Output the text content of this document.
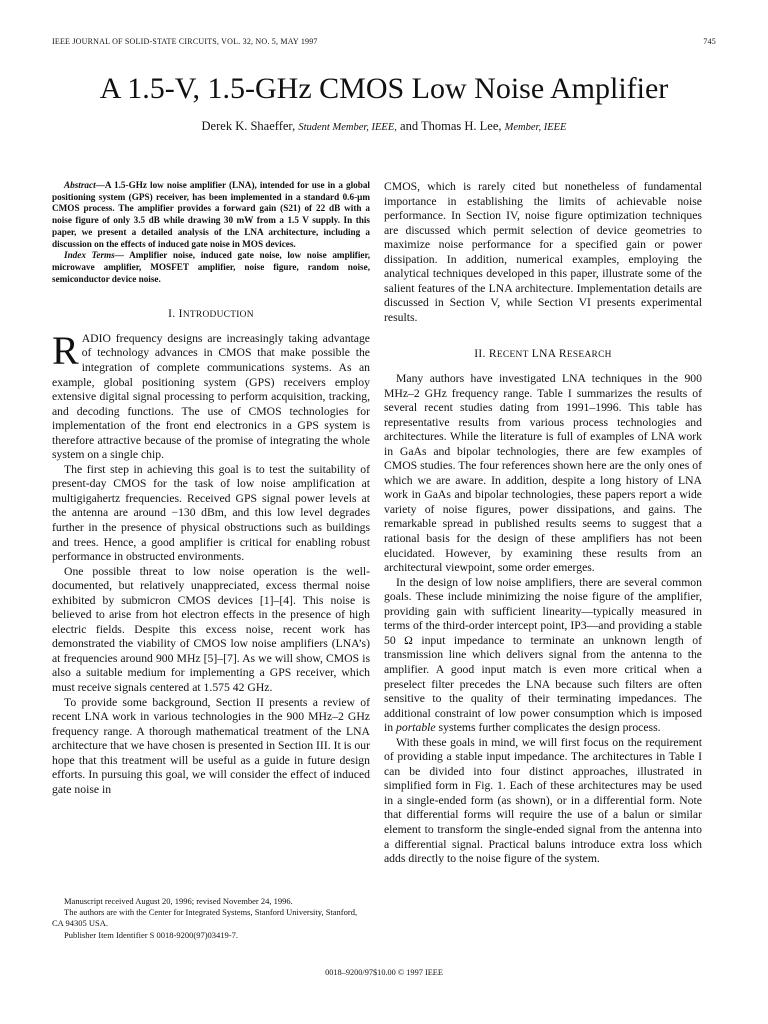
IEEE JOURNAL OF SOLID-STATE CIRCUITS, VOL. 32, NO. 5, MAY 1997	745
A 1.5-V, 1.5-GHz CMOS Low Noise Amplifier
Derek K. Shaeffer, Student Member, IEEE, and Thomas H. Lee, Member, IEEE

Abstract—A 1.5-GHz low noise amplifier (LNA), intended for use in a global positioning system (GPS) receiver, has been implemented in a standard 0.6-μm CMOS process. The amplifier provides a forward gain (S21) of 22 dB with a noise figure of only 3.5 dB while drawing 30 mW from a 1.5 V supply. In this paper, we present a detailed analysis of the LNA architecture, including a discussion on the effects of induced gate noise in MOS devices.

Index Terms— Amplifier noise, induced gate noise, low noise amplifier, microwave amplifier, MOSFET amplifier, noise figure, random noise, semiconductor device noise.

I. INTRODUCTION

RADIO frequency designs are increasingly taking advantage of technology advances in CMOS that make possible the integration of complete communications systems. As an example, global positioning system (GPS) receivers employ extensive digital signal processing to perform acquisition, tracking, and decoding functions. The use of CMOS technologies for implementation of the front end electronics in a GPS system is therefore attractive because of the promise of integrating the whole system on a single chip.

The first step in achieving this goal is to test the suitability of present-day CMOS for the task of low noise amplification at multigigahertz frequencies. Received GPS signal power levels at the antenna are around −130 dBm, and this low level degrades further in the presence of physical obstructions such as buildings and trees. Hence, a good amplifier is critical for enabling robust performance in obstructed environments.

One possible threat to low noise operation is the well-documented, but relatively unappreciated, excess thermal noise exhibited by submicron CMOS devices [1]–[4]. This noise is believed to arise from hot electron effects in the presence of high electric fields. Despite this excess noise, recent work has demonstrated the viability of CMOS low noise amplifiers (LNA’s) at frequencies around 900 MHz [5]–[7]. As we will show, CMOS is also a suitable medium for implementing a GPS receiver, which must receive signals centered at 1.575 42 GHz.

To provide some background, Section II presents a review of recent LNA work in various technologies in the 900 MHz–2 GHz frequency range. A thorough mathematical treatment of the LNA architecture that we have chosen is presented in Section III. It is our hope that this treatment will be useful as a guide in future design efforts. In pursuing this goal, we will consider the effect of induced gate noise in

Manuscript received August 20, 1996; revised November 24, 1996.

The authors are with the Center for Integrated Systems, Stanford University, Stanford, CA 94305 USA.

Publisher Item Identifier S 0018-9200(97)03419-7.

CMOS, which is rarely cited but nonetheless of fundamental importance in establishing the limits of achievable noise performance. In Section IV, noise figure optimization techniques are discussed which permit selection of device geometries to maximize noise performance for a specified gain or power dissipation. In addition, numerical examples, employing the analytical techniques developed in this paper, illustrate some of the salient features of the LNA architecture. Implementation details are discussed in Section V, while Section VI presents experimental results.

II. RECENT LNA RESEARCH

Many authors have investigated LNA techniques in the 900 MHz–2 GHz frequency range. Table I summarizes the results of several recent studies dating from 1991–1996. This table has representative results from various process technologies and architectures. While the literature is full of examples of LNA work in GaAs and bipolar technologies, there are few examples of CMOS studies. The four references shown here are the only ones of which we are aware. In addition, despite a long history of LNA work in GaAs and bipolar technologies, these papers report a wide variety of noise figures, power dissipations, and gains. The remarkable spread in published results seems to suggest that a rational basis for the design of these amplifiers has not been elucidated. However, by examining these results from an architectural viewpoint, some order emerges.

In the design of low noise amplifiers, there are several common goals. These include minimizing the noise figure of the amplifier, providing gain with sufficient linearity—typically measured in terms of the third-order intercept point, IP3—and providing a stable 50 Ω input impedance to terminate an unknown length of transmission line which delivers signal from the antenna to the amplifier. A good input match is even more critical when a preselect filter precedes the LNA because such filters are often sensitive to the quality of their terminating impedances. The additional constraint of low power consumption which is imposed in portable systems further complicates the design process.

With these goals in mind, we will first focus on the requirement of providing a stable input impedance. The architectures in Table I can be divided into four distinct approaches, illustrated in simplified form in Fig. 1. Each of these architectures may be used in a single-ended form (as shown), or in a differential form. Note that differential forms will require the use of a balun or similar element to transform the single-ended signal from the antenna into a differential signal. Practical baluns introduce extra loss which adds directly to the noise figure of the system.

0018–9200/97$10.00 © 1997 IEEE
